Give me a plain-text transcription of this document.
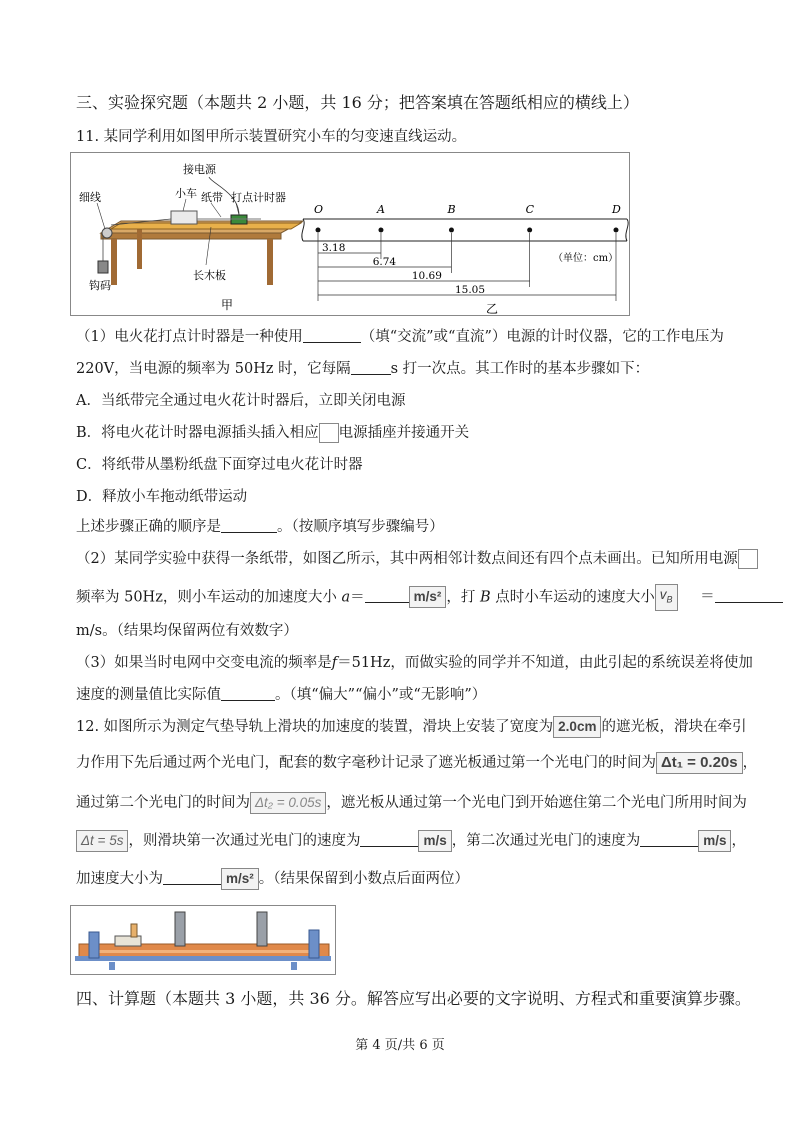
三、实验探究题（本题共 2 小题，共 16 分；把答案填在答题纸相应的横线上）
11. 某同学利用如图甲所示装置研究小车的匀变速直线运动。
接电源
小车 纸带 打点计时器
细线
钩码
长木板
甲
O	A	B	C	D
3.18
6.74
10.69
15.05
（单位：cm）
乙
（1）电火花打点计时器是一种使用	（填“交流”或“直流”）电源的计时仪器，它的工作电压为
220V，当电源的频率为 50Hz 时，它每隔	s 打一次点。其工作时的基本步骤如下：
A．当纸带完全通过电火花计时器后，立即关闭电源
B．将电火花计时器电源插头插入相应 电源插座并接通开关
C．将纸带从墨粉纸盘下面穿过电火花计时器
D．释放小车拖动纸带运动
上述步骤正确的顺序是	。（按顺序填写步骤编号）
（2）某同学实验中获得一条纸带，如图乙所示，其中两相邻计数点间还有四个点未画出。已知所用电源
频率为 50Hz，则小车运动的加速度大小 a＝	m/s² ，打 B 点时小车运动的速度大小 $v_B$ ＝
m/s。（结果均保留两位有效数字）
（3）如果当时电网中交变电流的频率是f＝51Hz，而做实验的同学并不知道，由此引起的系统误差将使加
速度的测量值比实际值	。（填“偏大”“偏小”或“无影响”）
12. 如图所示为测定气垫导轨上滑块的加速度的装置，滑块上安装了宽度为 2.0cm 的遮光板，滑块在牵引
力作用下先后通过两个光电门，配套的数字毫秒计记录了遮光板通过第一个光电门的时间为 Δt₁ = 0.20s ，
通过第二个光电门的时间为 Δt₂ = 0.05s ，遮光板从通过第一个光电门到开始遮住第二个光电门所用时间为
Δt = 5s ，则滑块第一次通过光电门的速度为	m/s ，第二次通过光电门的速度为	m/s ，
加速度大小为	m/s² 。（结果保留到小数点后面两位）
四、计算题（本题共 3 小题，共 36 分。解答应写出必要的文字说明、方程式和重要演算步骤。
第 4 页/共 6 页
